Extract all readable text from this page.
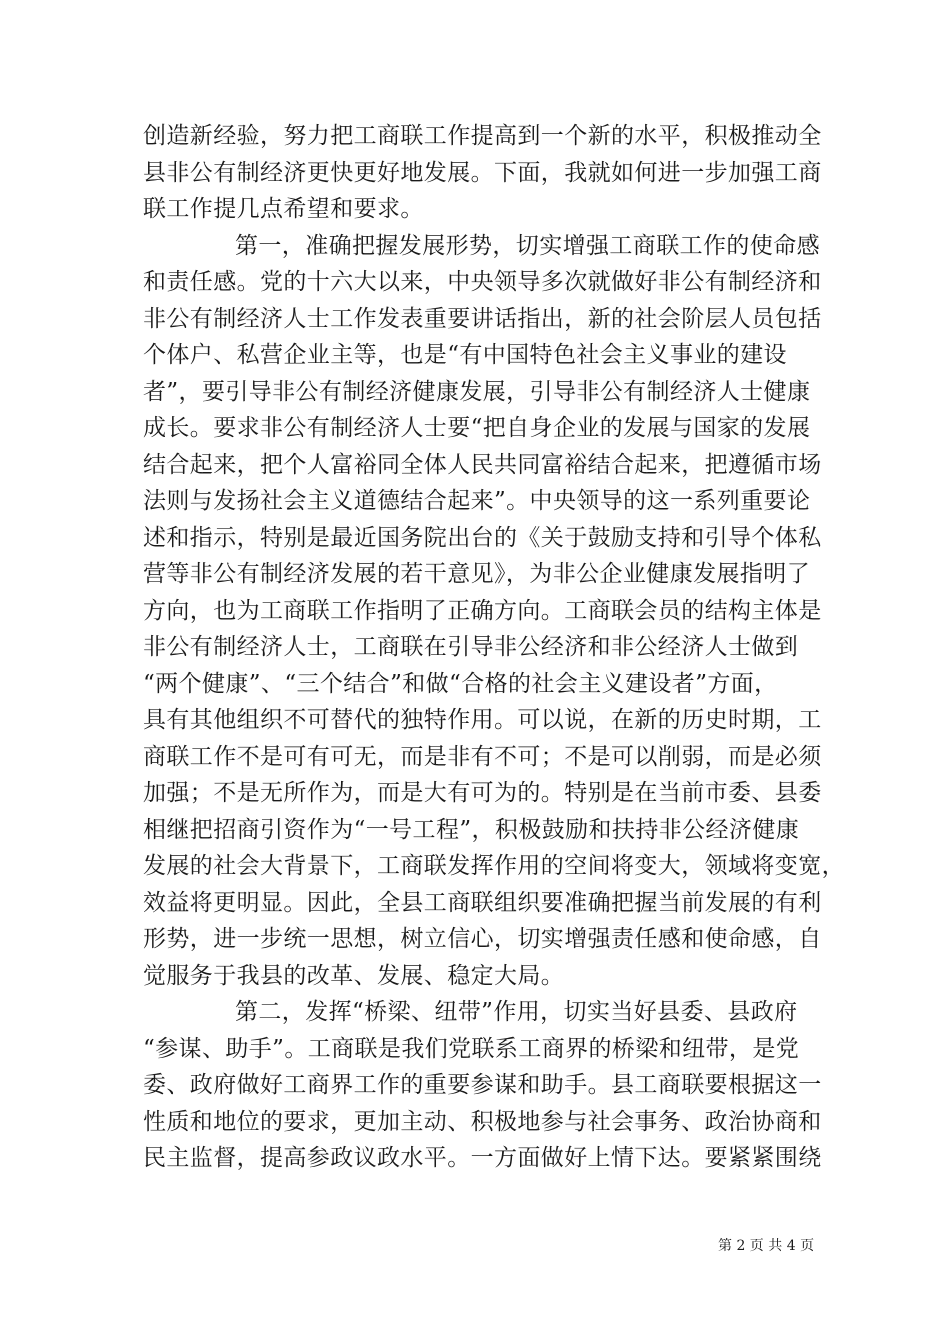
创造新经验，努力把工商联工作提高到一个新的水平，积极推动全
县非公有制经济更快更好地发展。下面，我就如何进一步加强工商
联工作提几点希望和要求。
第一，准确把握发展形势，切实增强工商联工作的使命感
和责任感。党的十六大以来，中央领导多次就做好非公有制经济和
非公有制经济人士工作发表重要讲话指出，新的社会阶层人员包括
个体户、私营企业主等，也是“有中国特色社会主义事业的建设
者”，要引导非公有制经济健康发展，引导非公有制经济人士健康
成长。要求非公有制经济人士要“把自身企业的发展与国家的发展
结合起来，把个人富裕同全体人民共同富裕结合起来，把遵循市场
法则与发扬社会主义道德结合起来”。中央领导的这一系列重要论
述和指示，特别是最近国务院出台的《关于鼓励支持和引导个体私
营等非公有制经济发展的若干意见》，为非公企业健康发展指明了
方向，也为工商联工作指明了正确方向。工商联会员的结构主体是
非公有制经济人士，工商联在引导非公经济和非公经济人士做到
“两个健康”、“三个结合”和做“合格的社会主义建设者”方面，
具有其他组织不可替代的独特作用。可以说，在新的历史时期，工
商联工作不是可有可无，而是非有不可；不是可以削弱，而是必须
加强；不是无所作为，而是大有可为的。特别是在当前市委、县委
相继把招商引资作为“一号工程”，积极鼓励和扶持非公经济健康
发展的社会大背景下，工商联发挥作用的空间将变大，领域将变宽，
效益将更明显。因此，全县工商联组织要准确把握当前发展的有利
形势，进一步统一思想，树立信心，切实增强责任感和使命感，自
觉服务于我县的改革、发展、稳定大局。
第二，发挥“桥梁、纽带”作用，切实当好县委、县政府
“参谋、助手”。工商联是我们党联系工商界的桥梁和纽带，是党
委、政府做好工商界工作的重要参谋和助手。县工商联要根据这一
性质和地位的要求，更加主动、积极地参与社会事务、政治协商和
民主监督，提高参政议政水平。一方面做好上情下达。要紧紧围绕
第 2 页 共 4 页
